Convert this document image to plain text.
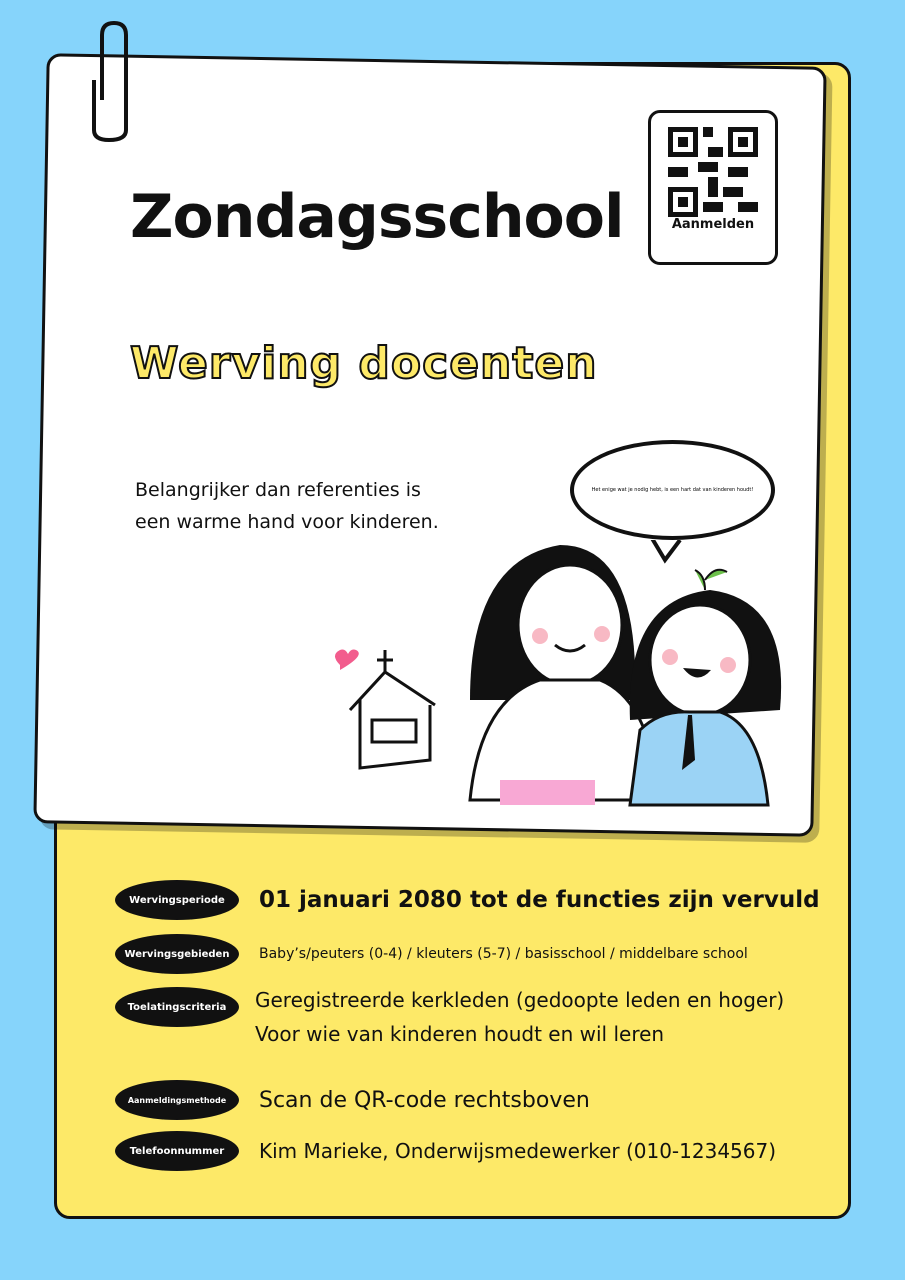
Zondagsschool
Werving docenten
Belangrijker dan referenties is
een warme hand voor kinderen.
Aanmelden
Het enige wat je nodig hebt, is een hart dat van kinderen houdt!
Wervingsperiode	01 januari 2080 tot de functies zijn vervuld
Wervingsgebieden	Baby’s/peuters (0-4) / kleuters (5-7) / basisschool / middelbare school
Toelatingscriteria	Geregistreerde kerkleden (gedoopte leden en hoger)
Voor wie van kinderen houdt en wil leren
Aanmeldingsmethode	Scan de QR-code rechtsboven
Telefoonnummer	Kim Marieke, Onderwijsmedewerker (010-1234567)
